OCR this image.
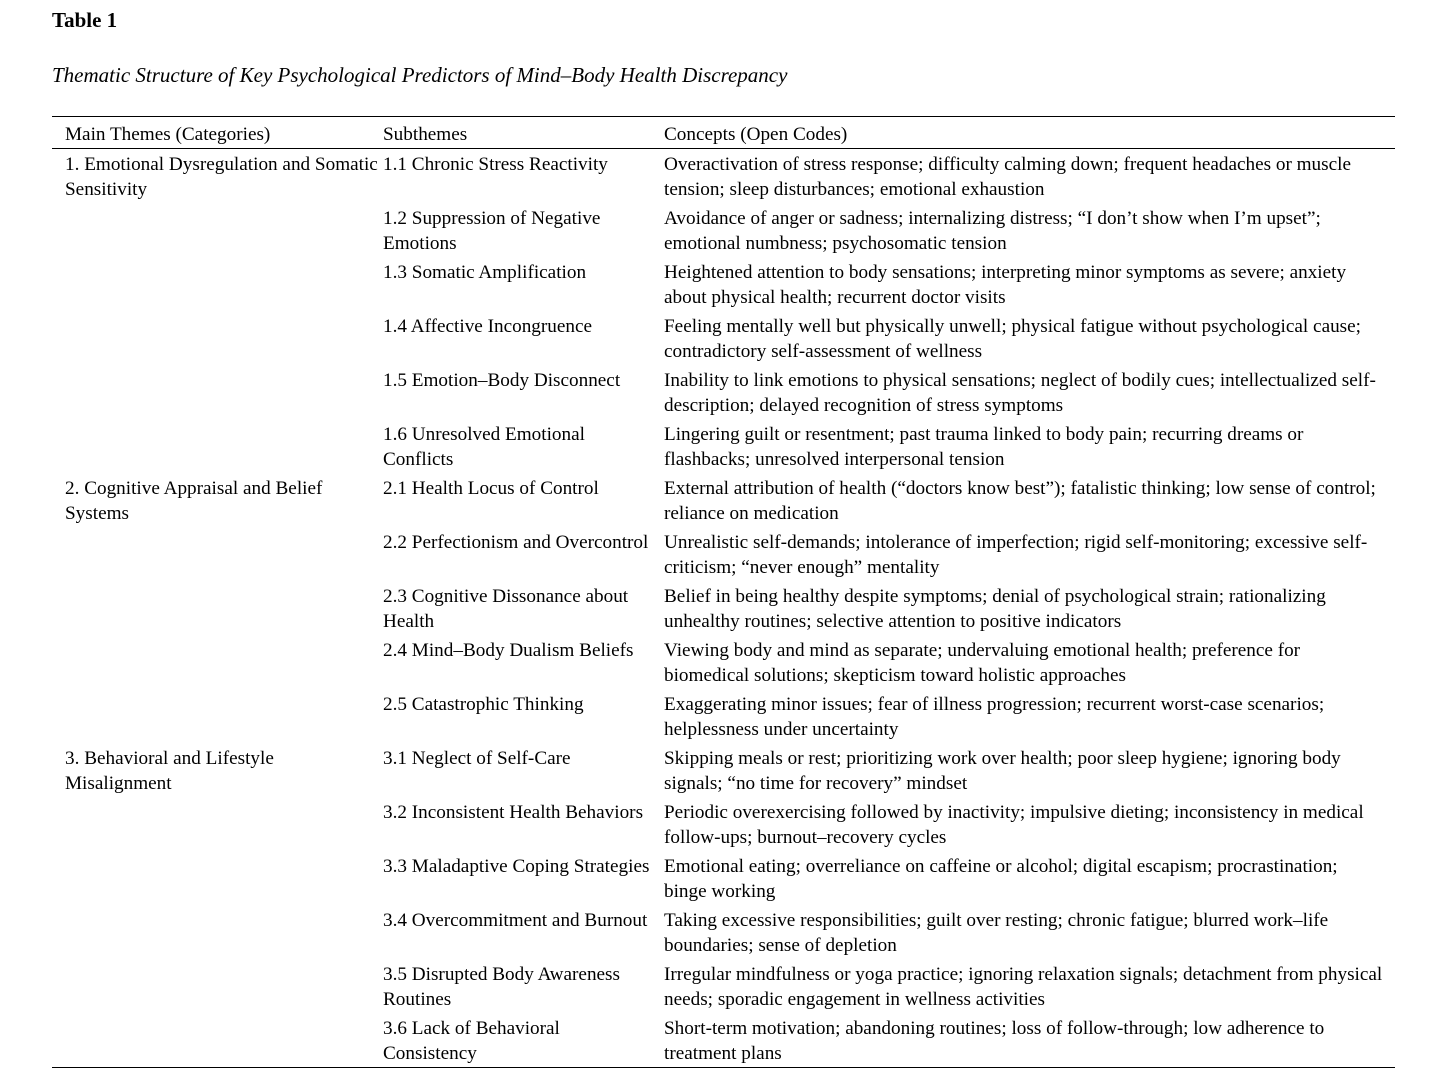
Table 1
Thematic Structure of Key Psychological Predictors of Mind–Body Health Discrepancy
Main Themes (Categories)	Subthemes	Concepts (Open Codes)
1. Emotional Dysregulation and Somatic Sensitivity	1.1 Chronic Stress Reactivity	Overactivation of stress response; difficulty calming down; frequent headaches or muscle tension; sleep disturbances; emotional exhaustion
	1.2 Suppression of Negative Emotions	Avoidance of anger or sadness; internalizing distress; “I don’t show when I’m upset”; emotional numbness; psychosomatic tension
	1.3 Somatic Amplification	Heightened attention to body sensations; interpreting minor symptoms as severe; anxiety about physical health; recurrent doctor visits
	1.4 Affective Incongruence	Feeling mentally well but physically unwell; physical fatigue without psychological cause; contradictory self-assessment of wellness
	1.5 Emotion–Body Disconnect	Inability to link emotions to physical sensations; neglect of bodily cues; intellectualized self-description; delayed recognition of stress symptoms
	1.6 Unresolved Emotional Conflicts	Lingering guilt or resentment; past trauma linked to body pain; recurring dreams or flashbacks; unresolved interpersonal tension
2. Cognitive Appraisal and Belief Systems	2.1 Health Locus of Control	External attribution of health (“doctors know best”); fatalistic thinking; low sense of control; reliance on medication
	2.2 Perfectionism and Overcontrol	Unrealistic self-demands; intolerance of imperfection; rigid self-monitoring; excessive self-criticism; “never enough” mentality
	2.3 Cognitive Dissonance about Health	Belief in being healthy despite symptoms; denial of psychological strain; rationalizing unhealthy routines; selective attention to positive indicators
	2.4 Mind–Body Dualism Beliefs	Viewing body and mind as separate; undervaluing emotional health; preference for biomedical solutions; skepticism toward holistic approaches
	2.5 Catastrophic Thinking	Exaggerating minor issues; fear of illness progression; recurrent worst-case scenarios; helplessness under uncertainty
3. Behavioral and Lifestyle Misalignment	3.1 Neglect of Self-Care	Skipping meals or rest; prioritizing work over health; poor sleep hygiene; ignoring body signals; “no time for recovery” mindset
	3.2 Inconsistent Health Behaviors	Periodic overexercising followed by inactivity; impulsive dieting; inconsistency in medical follow-ups; burnout–recovery cycles
	3.3 Maladaptive Coping Strategies	Emotional eating; overreliance on caffeine or alcohol; digital escapism; procrastination; binge working
	3.4 Overcommitment and Burnout	Taking excessive responsibilities; guilt over resting; chronic fatigue; blurred work–life boundaries; sense of depletion
	3.5 Disrupted Body Awareness Routines	Irregular mindfulness or yoga practice; ignoring relaxation signals; detachment from physical needs; sporadic engagement in wellness activities
	3.6 Lack of Behavioral Consistency	Short-term motivation; abandoning routines; loss of follow-through; low adherence to treatment plans
